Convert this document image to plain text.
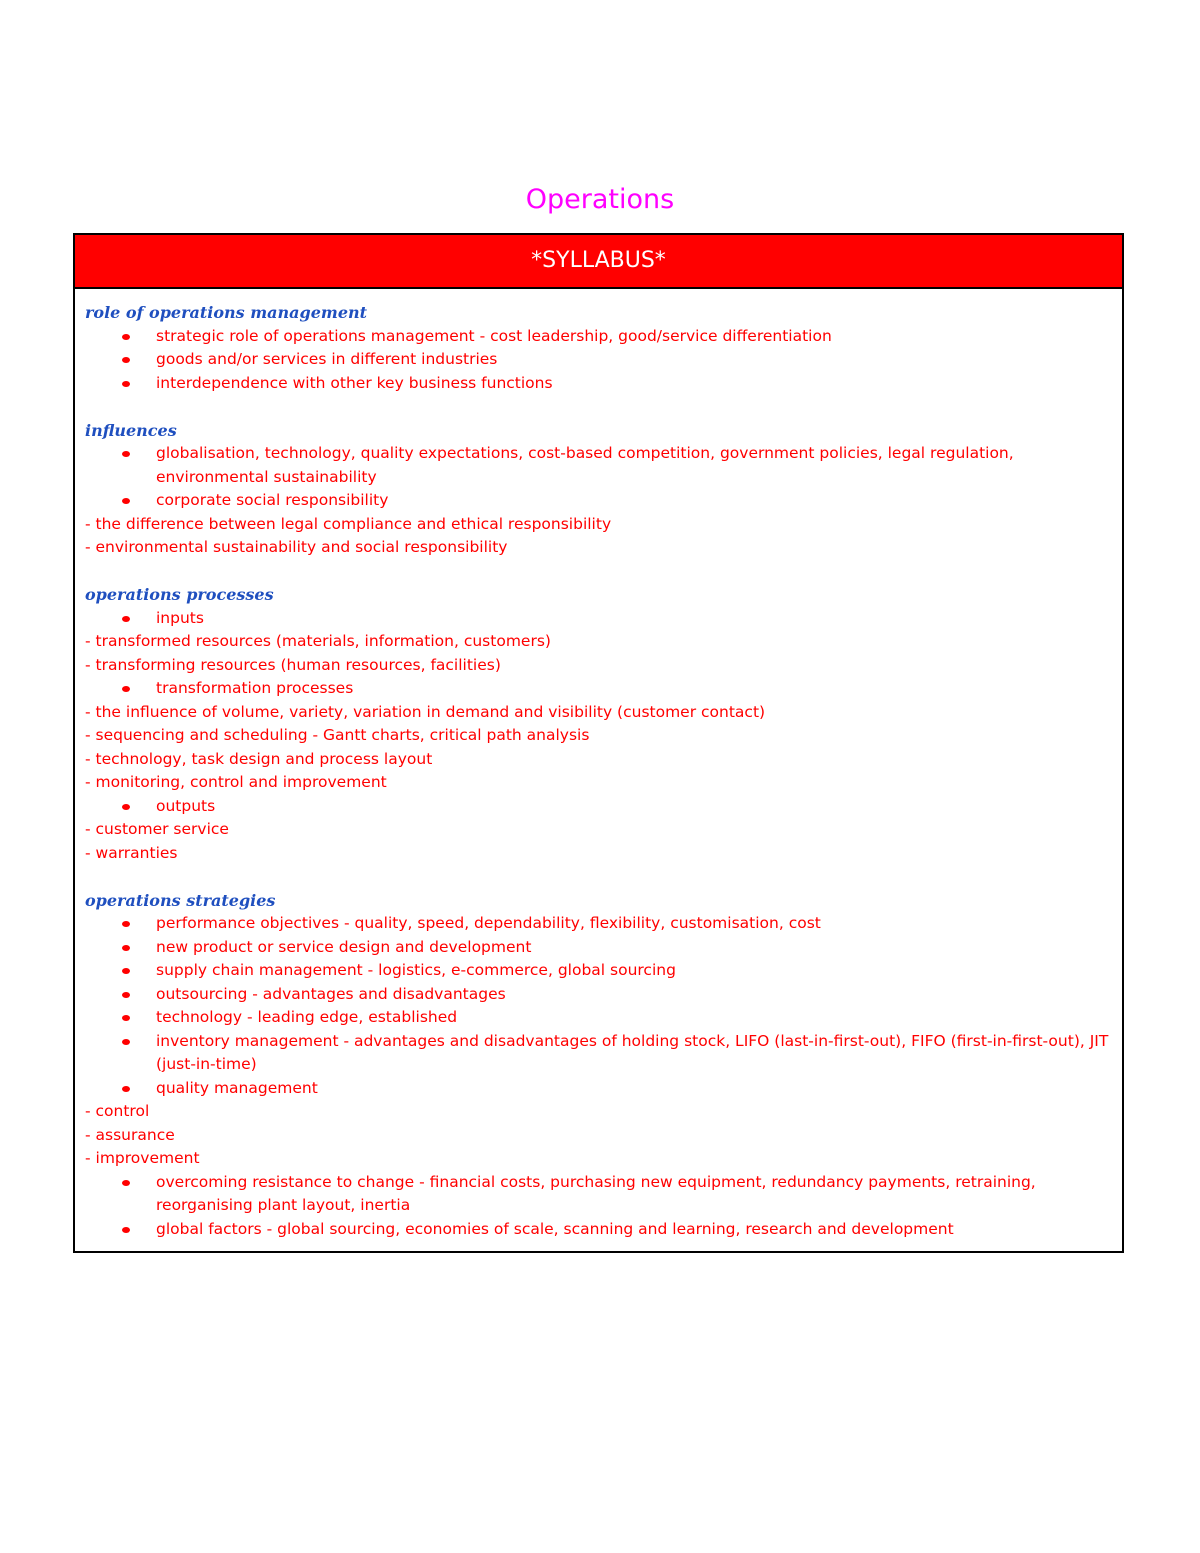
Operations
*SYLLABUS*
role of operations management
strategic role of operations management - cost leadership, good/service differentiation
goods and/or services in different industries
interdependence with other key business functions
influences
globalisation, technology, quality expectations, cost-based competition, government policies, legal regulation, environmental sustainability
corporate social responsibility
- the difference between legal compliance and ethical responsibility
- environmental sustainability and social responsibility
operations processes
inputs
- transformed resources (materials, information, customers)
- transforming resources (human resources, facilities)
transformation processes
- the influence of volume, variety, variation in demand and visibility (customer contact)
- sequencing and scheduling - Gantt charts, critical path analysis
- technology, task design and process layout
- monitoring, control and improvement
outputs
- customer service
- warranties
operations strategies
performance objectives - quality, speed, dependability, flexibility, customisation, cost
new product or service design and development
supply chain management - logistics, e-commerce, global sourcing
outsourcing - advantages and disadvantages
technology - leading edge, established
inventory management - advantages and disadvantages of holding stock, LIFO (last-in-first-out), FIFO (first-in-first-out), JIT (just-in-time)
quality management
- control
- assurance
- improvement
overcoming resistance to change - financial costs, purchasing new equipment, redundancy payments, retraining, reorganising plant layout, inertia
global factors - global sourcing, economies of scale, scanning and learning, research and development
